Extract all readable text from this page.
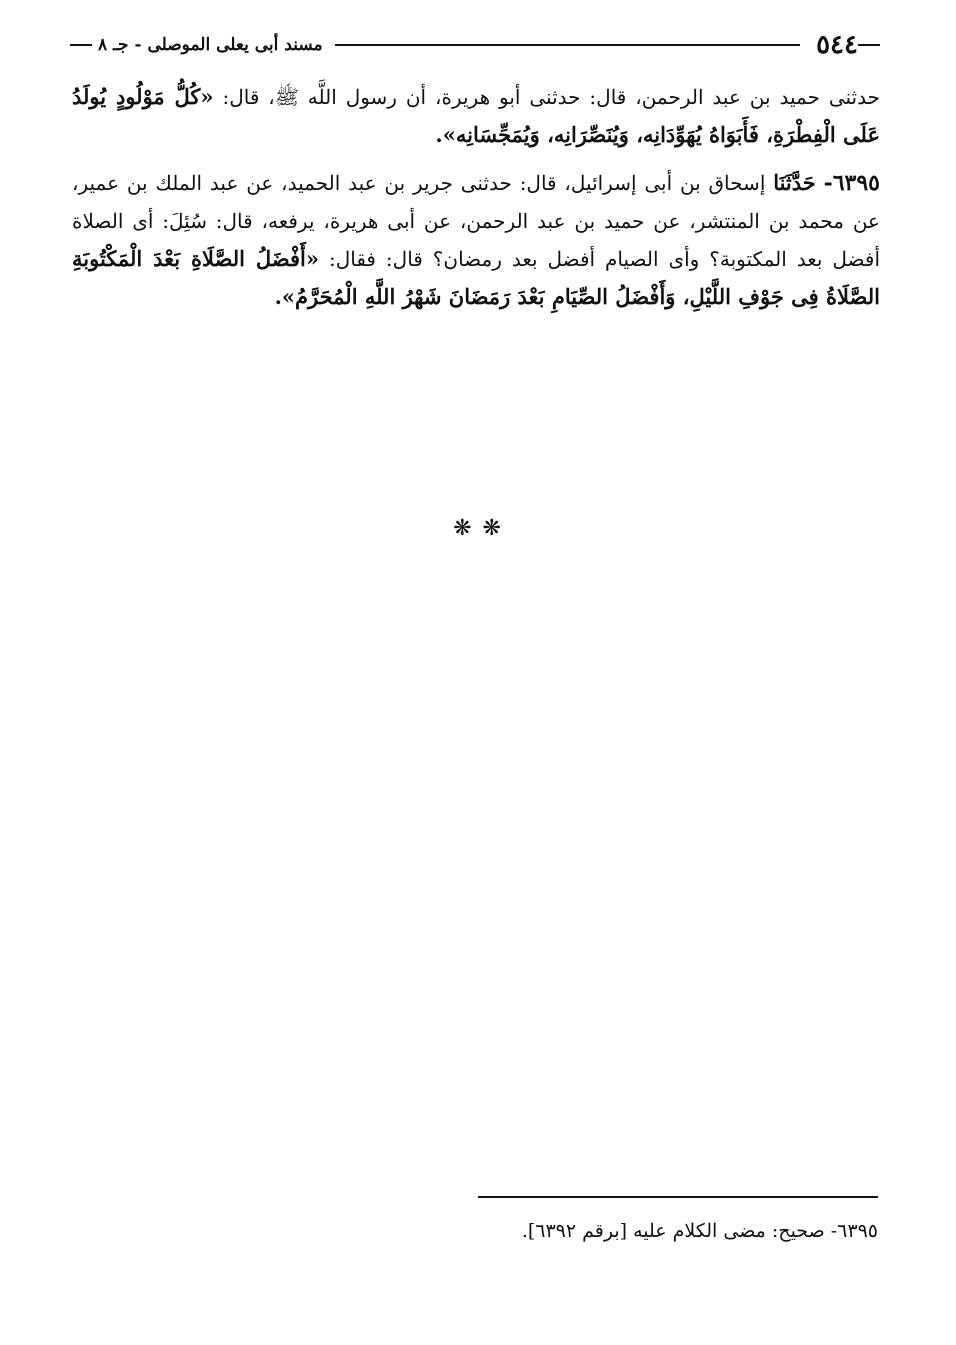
٥٤٤
مسند أبى يعلى الموصلى - جـ ٨

حدثنى حميد بن عبد الرحمن، قال: حدثنى أبو هريرة، أن رسول اللَّه ﷺ، قال: «كُلُّ مَوْلُودٍ يُولَدُ عَلَى الْفِطْرَةِ، فَأَبَوَاهُ يُهَوِّدَانِه، وَيُنَصِّرَانِه، وَيُمَجِّسَانِه».

٦٣٩٥- حَدَّثَنَا إسحاق بن أبى إسرائيل، قال: حدثنى جرير بن عبد الحميد، عن عبد الملك بن عمير، عن محمد بن المنتشر، عن حميد بن عبد الرحمن، عن أبى هريرة، يرفعه، قال: سُئِلَ: أى الصلاة أفضل بعد المكتوبة؟ وأى الصيام أفضل بعد رمضان؟ قال: فقال: «أَفْضَلُ الصَّلَاةِ بَعْدَ الْمَكْتُوبَةِ الصَّلَاةُ فِى جَوْفِ اللَّيْلِ، وَأَفْضَلُ الصِّيَامِ بَعْدَ رَمَضَانَ شَهْرُ اللَّهِ الْمُحَرَّمُ».

❋ ❋
٦٣٩٥- صحيح: مضى الكلام عليه [برقم ٦٣٩٢].
